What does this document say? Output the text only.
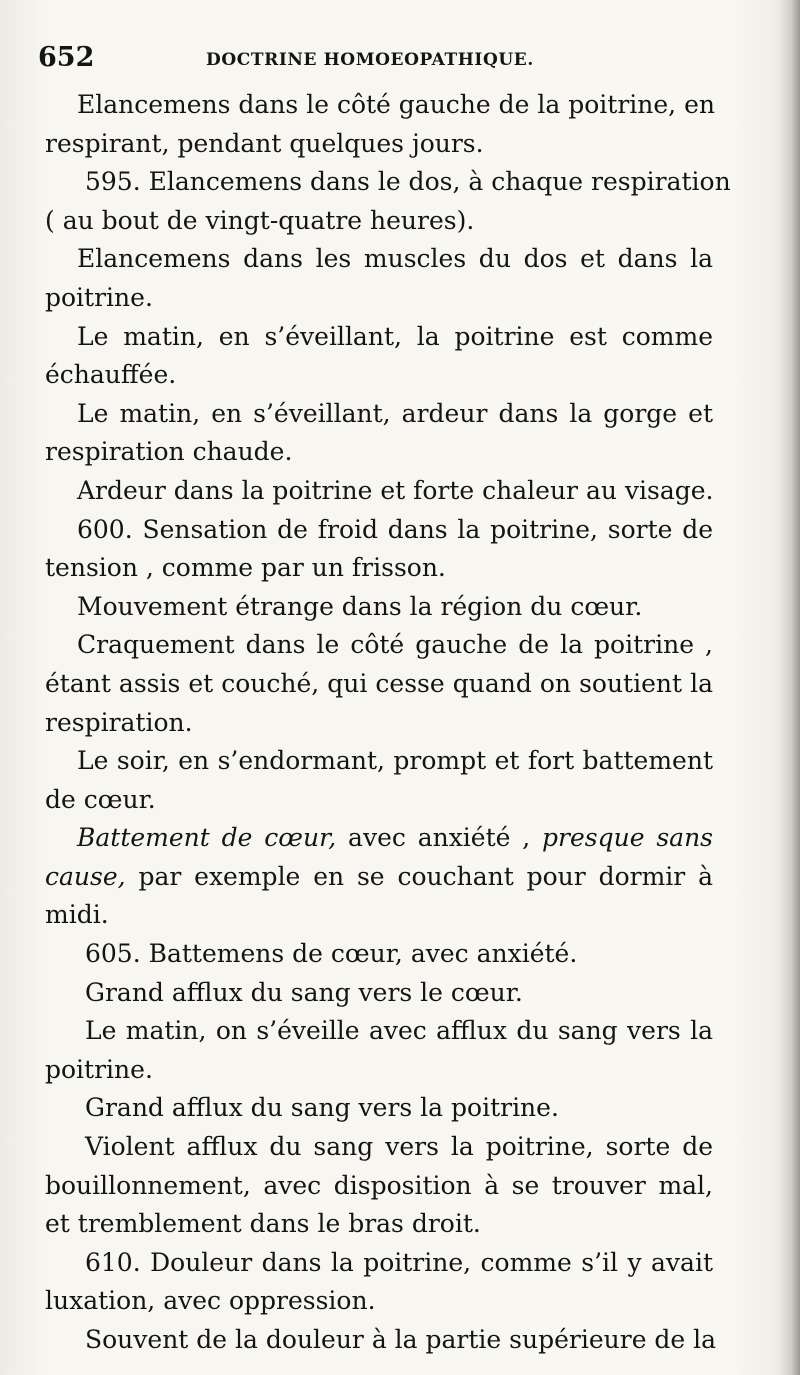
652	DOCTRINE HOMOEOPATHIQUE.
Elancemens dans le côté gauche de la poitrine, en
respirant, pendant quelques jours.
595. Elancemens dans le dos, à chaque respiration
( au bout de vingt-quatre heures).
Elancemens dans les muscles du dos et dans la
poitrine.
Le matin, en s’éveillant, la poitrine est comme
échauffée.
Le matin, en s’éveillant, ardeur dans la gorge et
respiration chaude.
Ardeur dans la poitrine et forte chaleur au visage.
600. Sensation de froid dans la poitrine, sorte de
tension , comme par un frisson.
Mouvement étrange dans la région du cœur.
Craquement dans le côté gauche de la poitrine ,
étant assis et couché, qui cesse quand on soutient la
respiration.
Le soir, en s’endormant, prompt et fort battement
de cœur.
Battement de cœur, avec anxiété , presque sans
cause, par exemple en se couchant pour dormir à
midi.
605. Battemens de cœur, avec anxiété.
Grand afflux du sang vers le cœur.
Le matin, on s’éveille avec afflux du sang vers la
poitrine.
Grand afflux du sang vers la poitrine.
Violent afflux du sang vers la poitrine, sorte de
bouillonnement, avec disposition à se trouver mal,
et tremblement dans le bras droit.
610. Douleur dans la poitrine, comme s’il y avait
luxation, avec oppression.
Souvent de la douleur à la partie supérieure de la
